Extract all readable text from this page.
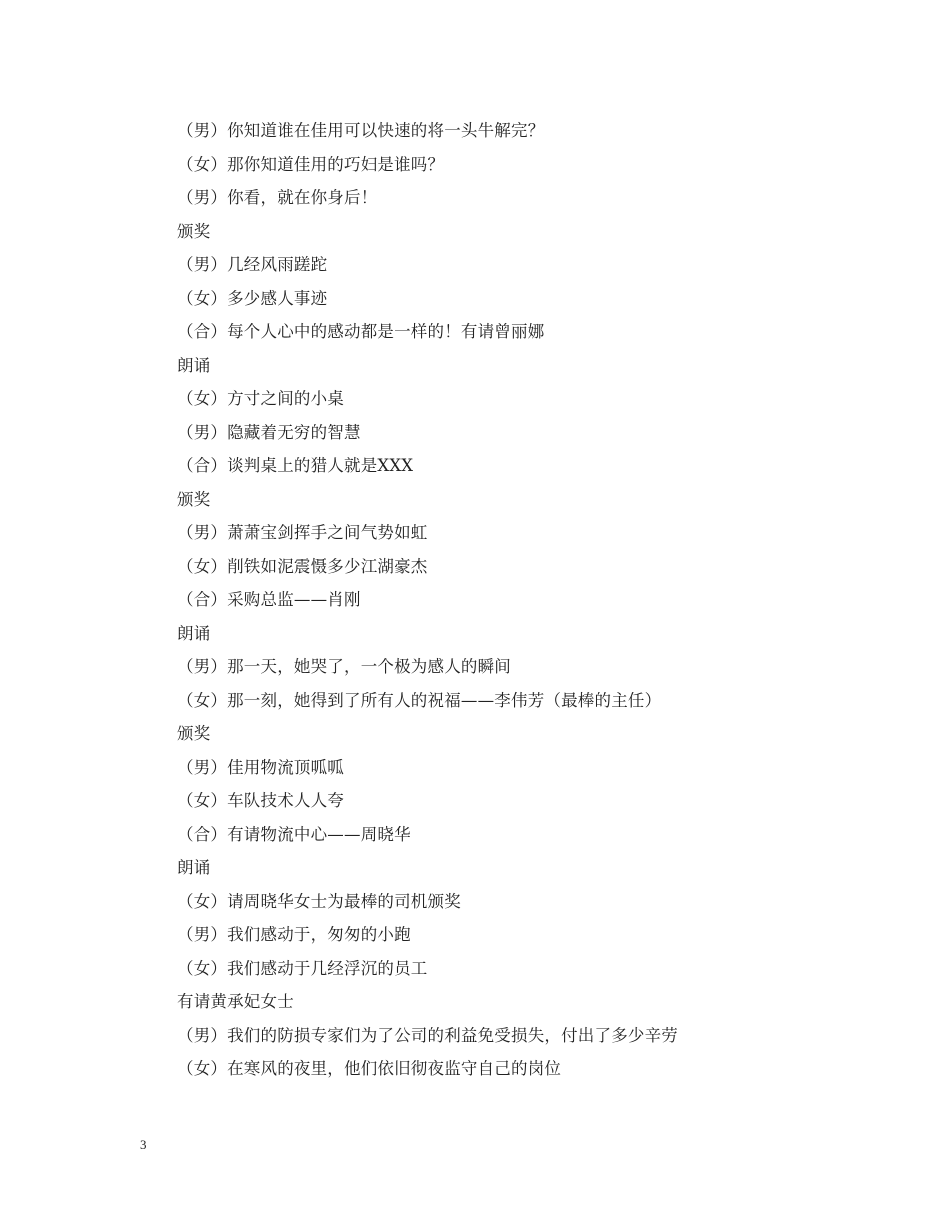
（男）你知道谁在佳用可以快速的将一头牛解完？
（女）那你知道佳用的巧妇是谁吗？
（男）你看，就在你身后！
颁奖
（男）几经风雨蹉跎
（女）多少感人事迹
（合）每个人心中的感动都是一样的！有请曾丽娜
朗诵
（女）方寸之间的小桌
（男）隐藏着无穷的智慧
（合）谈判桌上的猎人就是XXX
颁奖
（男）萧萧宝剑挥手之间气势如虹
（女）削铁如泥震慑多少江湖豪杰
（合）采购总监——肖刚
朗诵
（男）那一天，她哭了，一个极为感人的瞬间
（女）那一刻，她得到了所有人的祝福——李伟芳（最棒的主任）
颁奖
（男）佳用物流顶呱呱
（女）车队技术人人夸
（合）有请物流中心——周晓华
朗诵
（女）请周晓华女士为最棒的司机颁奖
（男）我们感动于，匆匆的小跑
（女）我们感动于几经浮沉的员工
有请黄承妃女士
（男）我们的防损专家们为了公司的利益免受损失，付出了多少辛劳
（女）在寒风的夜里，他们依旧彻夜监守自己的岗位
3
